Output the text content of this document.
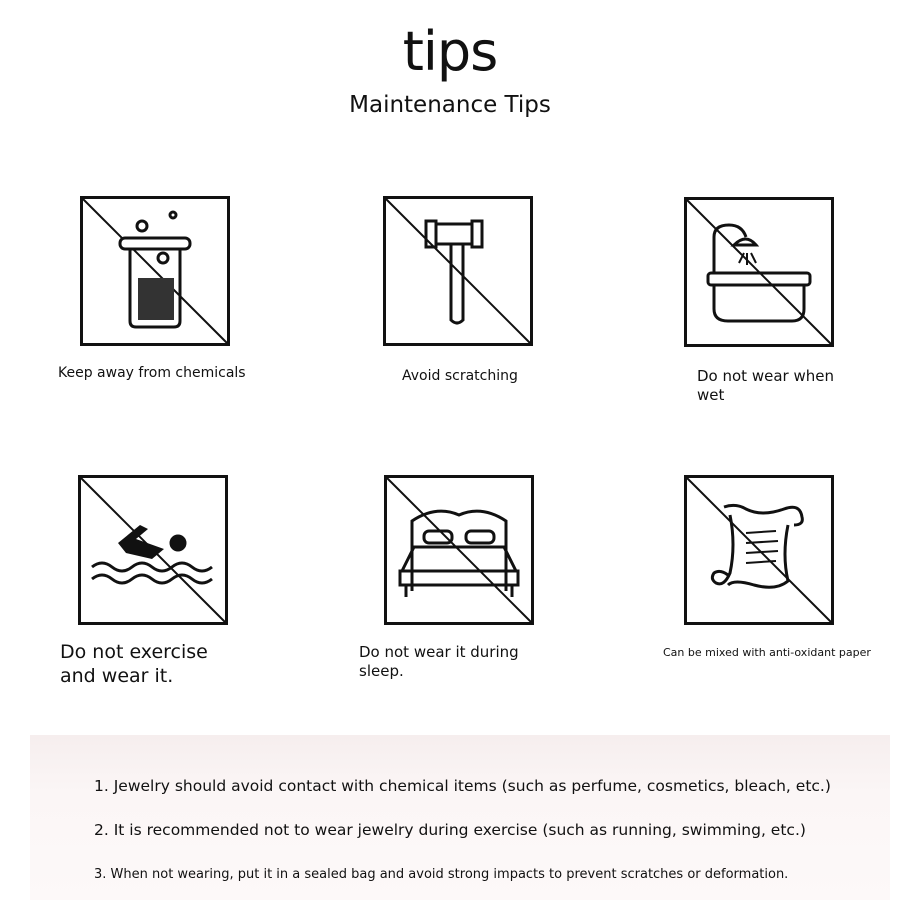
tips
Maintenance Tips
Keep away from chemicals	Avoid scratching	Do not wear when
wet
Do not exercise
and wear it.
Do not wear it during
sleep.
Can be mixed with anti-oxidant paper
1. Jewelry should avoid contact with chemical items (such as perfume, cosmetics, bleach, etc.)
2. It is recommended not to wear jewelry during exercise (such as running, swimming, etc.)
3. When not wearing, put it in a sealed bag and avoid strong impacts to prevent scratches or deformation.
